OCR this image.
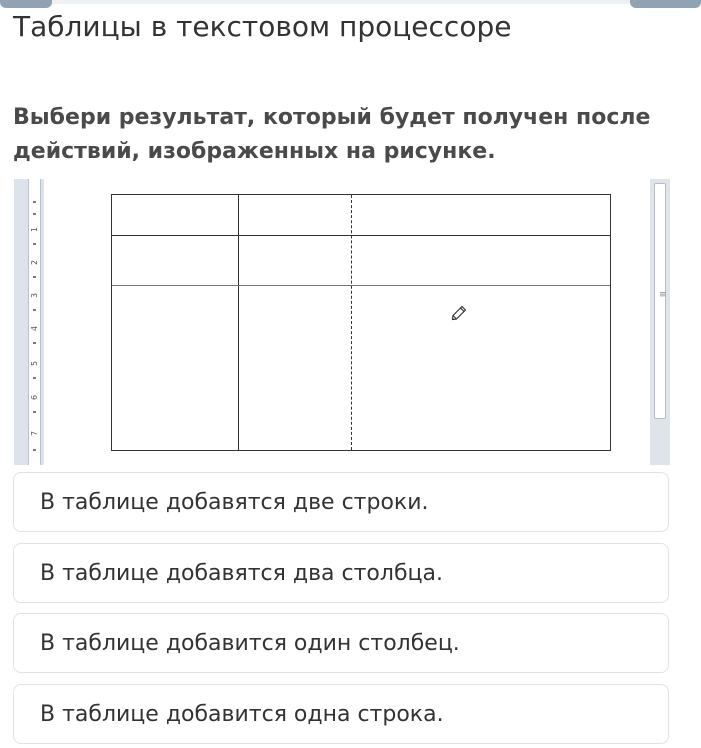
Таблицы в текстовом процессоре

Выбери результат, который будет получен после действий, изображенных на рисунке.

1
2
3
4
5
6
7
≡
В таблице добавятся две строки.
В таблице добавятся два столбца.
В таблице добавится один столбец.
В таблице добавится одна строка.
